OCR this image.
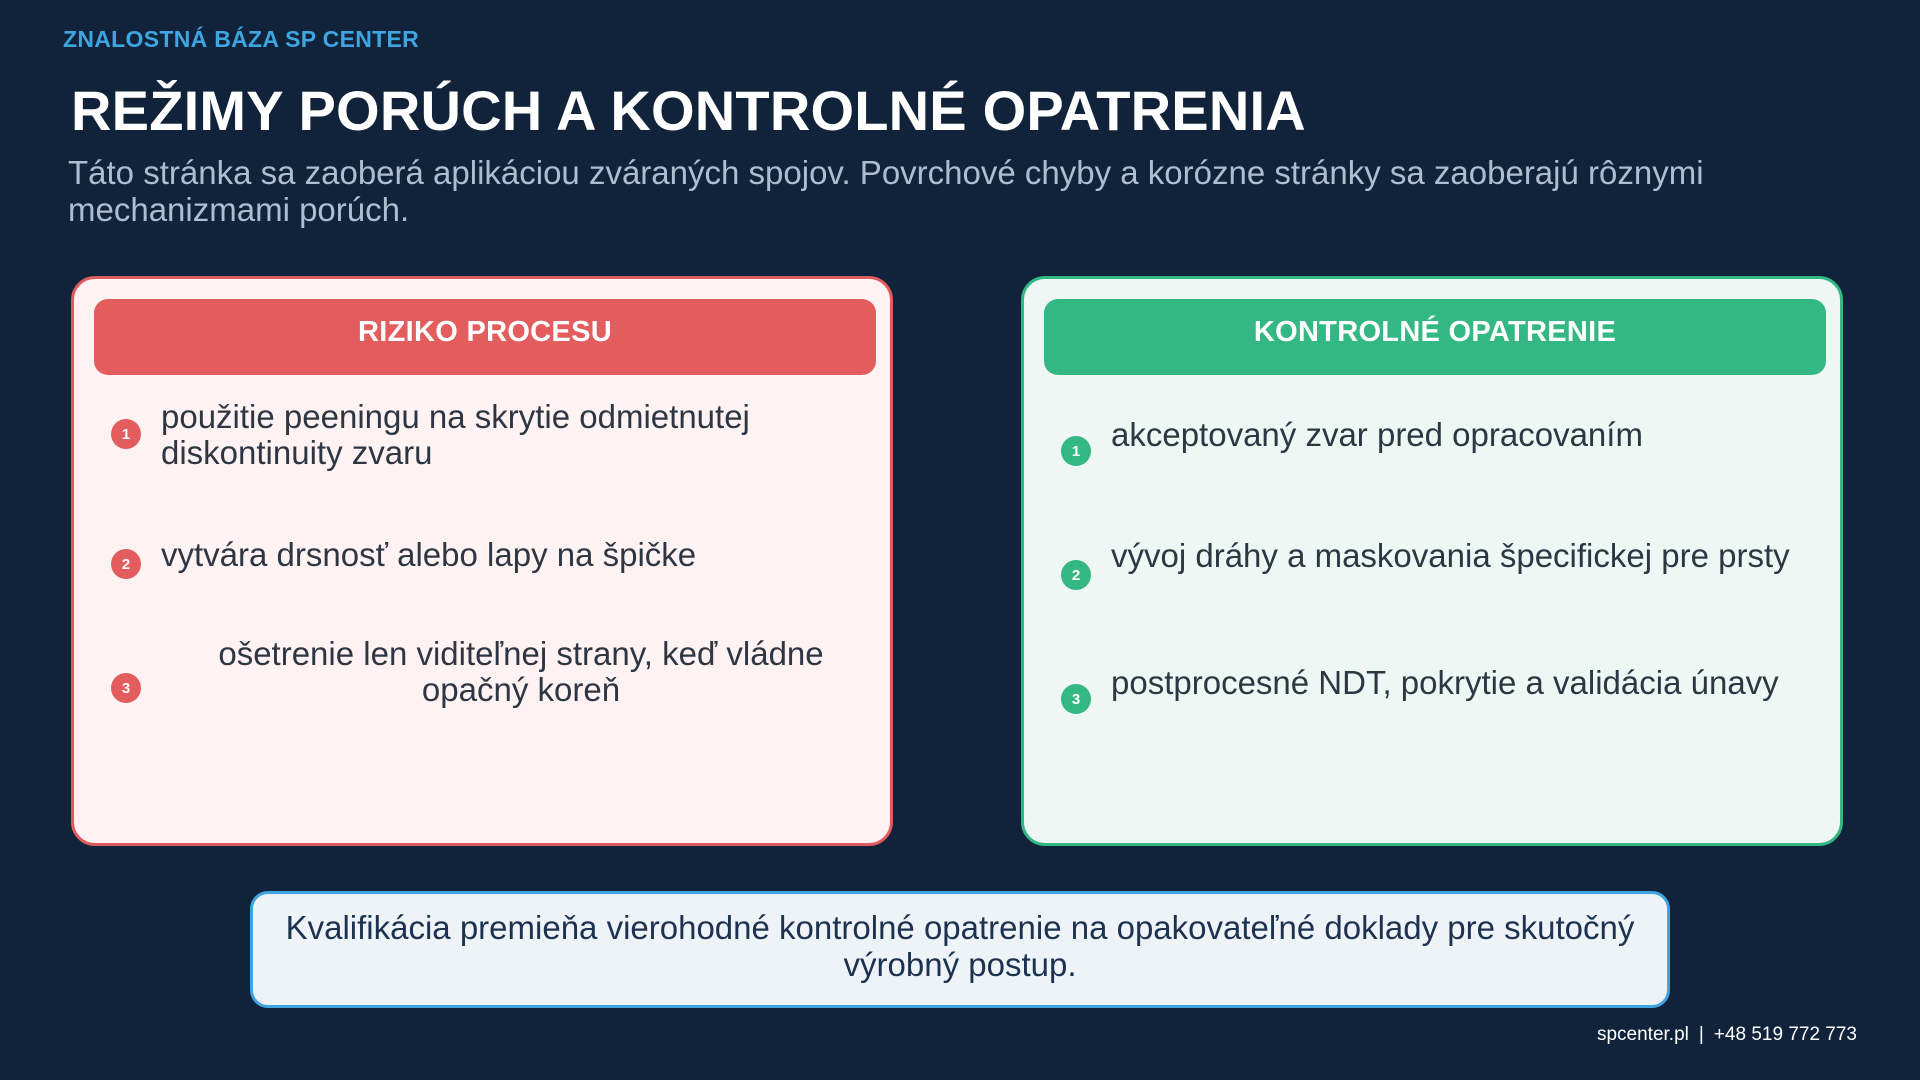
ZNALOSTNÁ BÁZA SP CENTER
REŽIMY PORÚCH A KONTROLNÉ OPATRENIA
Táto stránka sa zaoberá aplikáciou zváraných spojov. Povrchové chyby a korózne stránky sa zaoberajú rôznymi mechanizmami porúch.
RIZIKO PROCESU
1 použitie peeningu na skrytie odmietnutej diskontinuity zvaru
2 vytvára drsnosť alebo lapy na špičke
3
ošetrenie len viditeľnej strany, keď vládne opačný koreň
KONTROLNÉ OPATRENIE
1 akceptovaný zvar pred opracovaním
2
vývoj dráhy a maskovania špecifickej pre prsty
3 postprocesné NDT, pokrytie a validácia únavy
Kvalifikácia premieňa vierohodné kontrolné opatrenie na opakovateľné doklady pre skutočný výrobný postup.
spcenter.pl | +48 519 772 773
